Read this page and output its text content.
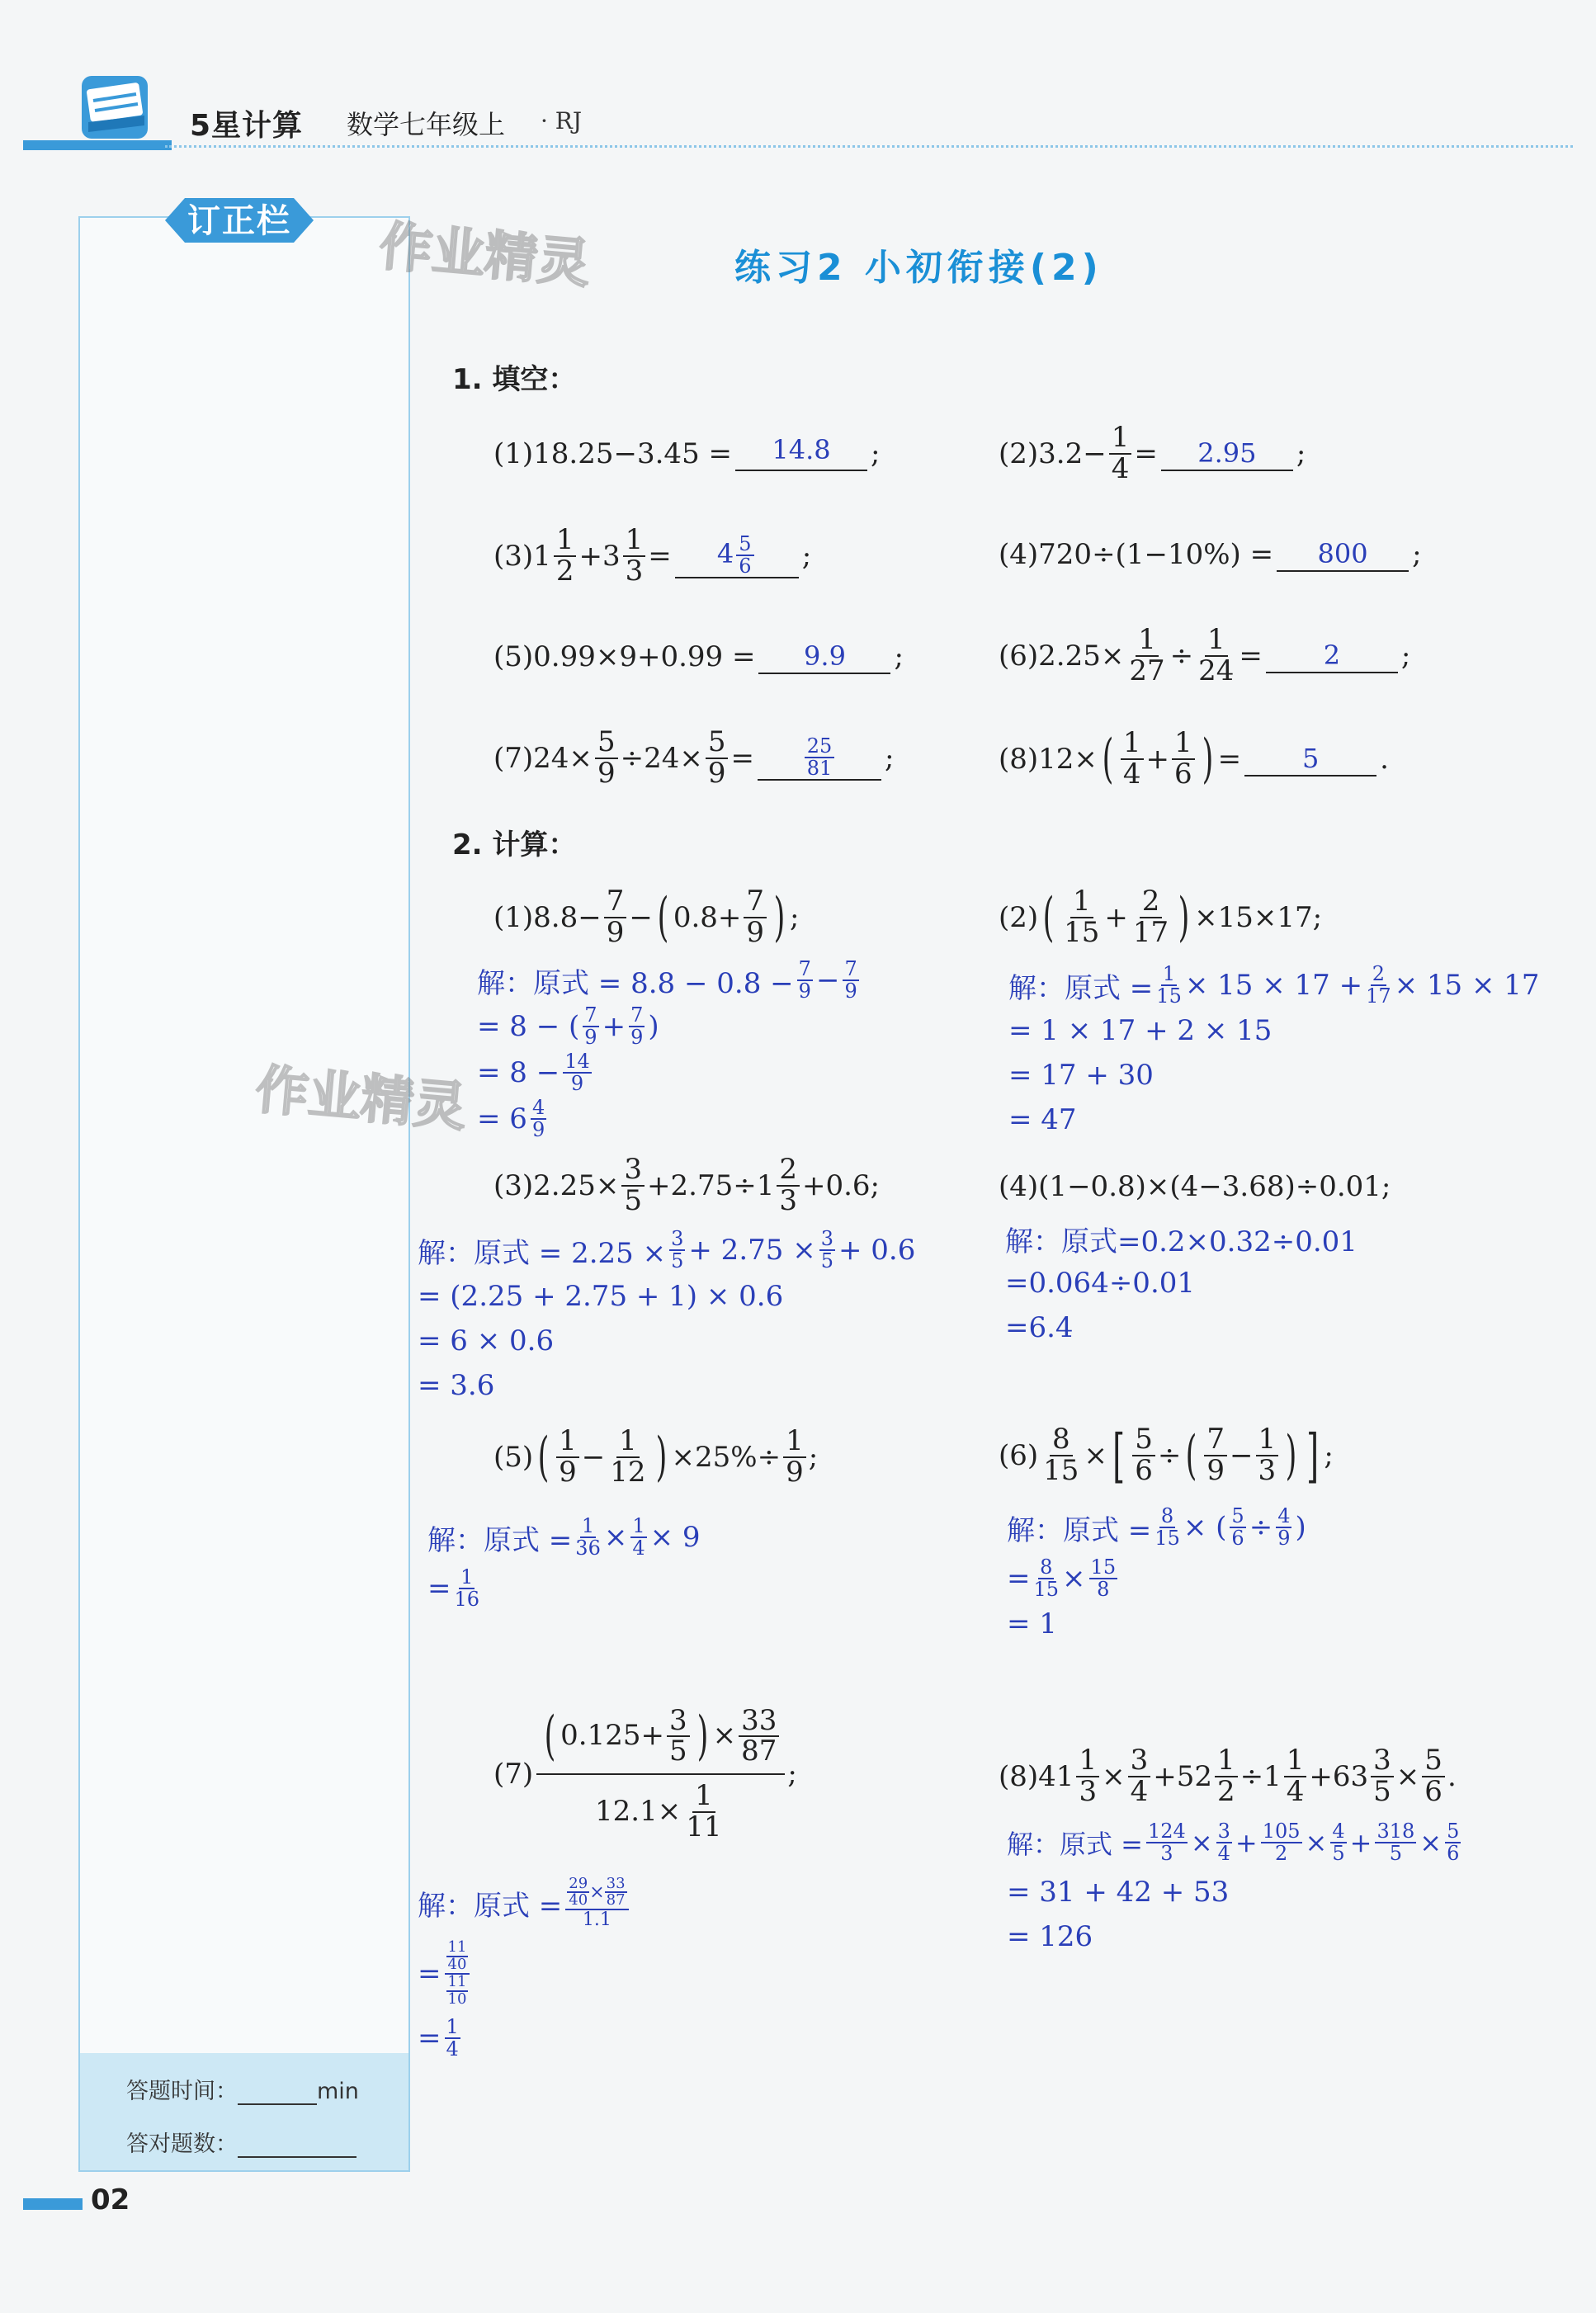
5星计算 数学七年级上 · RJ
订正栏
答题时间：	min
答对题数：
作业精灵
作业精灵
02
练习2 小初衔接(2)
1. 填空：
(1) 18.25−3.45 =	14.8	;	(2) $3.2- \frac{1}{4}$ =	2.95	;
(3) $1 \frac{1}{2} +3 \frac{1}{3}$ =	$4 \frac{5}{6}$ ;	(4) 720÷(1−10%) =	800	;
(5) 0.99×9+0.99 =	9.9	;	(6) $2.25\times \frac{1}{27} \div \frac{1}{24}$ =	2	;
(7) $24\times \frac{5}{9} \div 24\times \frac{5}{9}$ =	$\frac{25}{81}$ ;	(8) 12× ( $\frac{1}{4} + \frac{1}{6}$ ) =	5	.
2. 计算：
(1) $8.8- \frac{7}{9}$ − ( $0.8+ \frac{7}{9}$ ) ;
解：原式 = $8.8 - 0.8 - \frac{7}{9} - \frac{7}{9}$
= 8 − ( 7
$9 + \frac{7}{9}$ )
= $8 - \frac{14}{9}$
= 6 4
9
(2) ( $\frac{1}{15} + \frac{2}{17}$ ) ×15×17;
解：原式 = $\frac{1}{15} \times 15 \times 17 + \frac{2}{17} \times 15 \times 17$
= 1 × 17 + 2 × 15
= 17 + 30
= 47
(3) $2.25\times \frac{3}{5} +2.75\div 1 \frac{2}{3} +0.6$;
解：原式 = $2.25 \times \frac{3}{5} + 2.75 \times \frac{3}{5} + 0.6$
= (2.25 + 2.75 + 1) × 0.6
= 6 × 0.6
= 3.6
(4) (1−0.8)×(4−3.68)÷0.01;
解：原式=0.2×0.32÷0.01
=0.064÷0.01
=6.4
(5) ( $\frac{1}{9} - \frac{1}{12}$ ) $\times 25\%\div \frac{1}{9}$ ;
解：原式 = $\frac{1}{36} \times \frac{1}{4} \times 9$
= $\frac{1}{16}$
$(6) \frac{8}{15}$ × [ $\frac{5}{6}$ ÷ ( $\frac{7}{9} - \frac{1}{3}$ ) ] ;
解：原式 = $\frac{8}{15}$ × ( $\frac{5}{6} \div \frac{4}{9}$ )
= $\frac{8}{15} \times \frac{15}{8}$
= 1
$(7) \frac{( 0.125+ \frac{3}{5} ) \times \frac{33}{87}}{12.1\times \frac{1}{11}}$ ;
解：原式 = 29
40 × 33
87
1.1
= 11
40
11
10
= $\frac{1}{4}$
(8) $41 \frac{1}{3} \times \frac{3}{4} +52 \frac{1}{2} \div 1 \frac{1}{4} +63 \frac{3}{5} \times \frac{5}{6}$ .
解：原式 = $\frac{124}{3} \times \frac{3}{4} + \frac{105}{2} \times \frac{4}{5} + \frac{318}{5} \times \frac{5}{6}$
= 31 + 42 + 53
= 126
